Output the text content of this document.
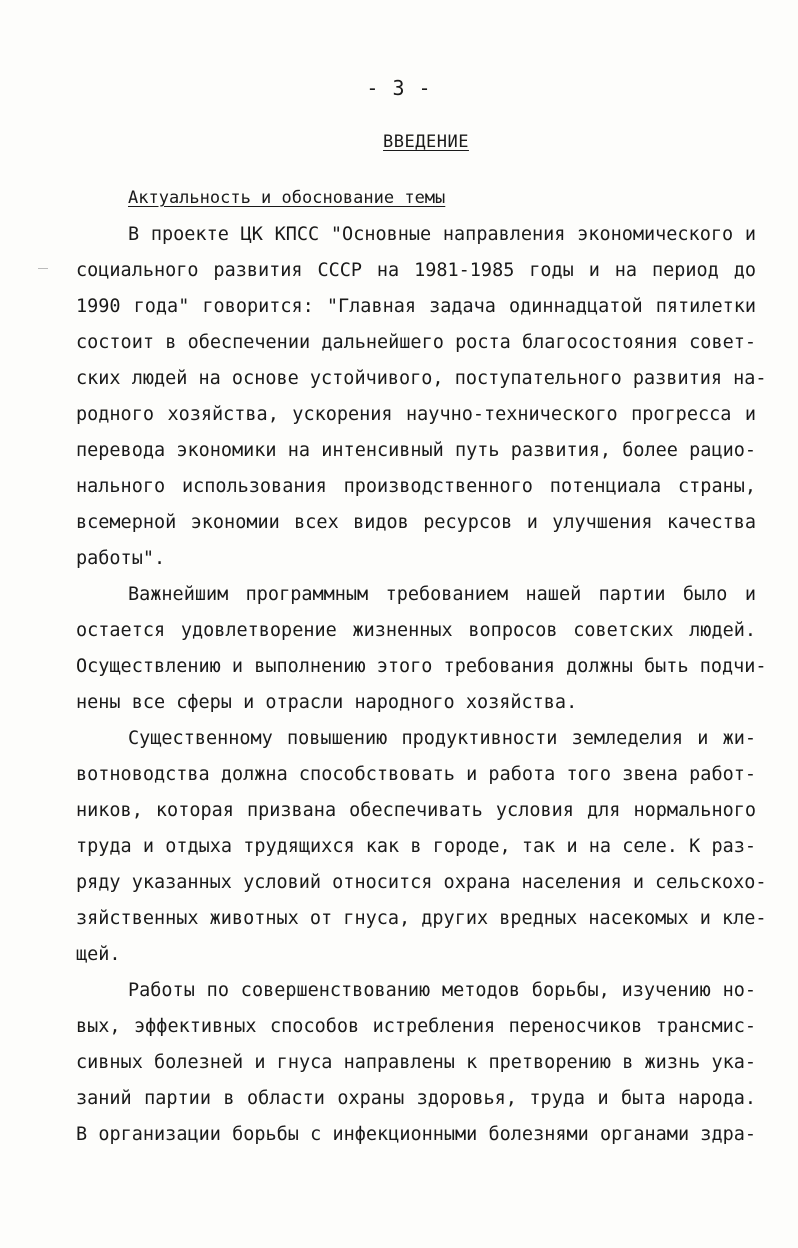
- 3 -
ВВЕДЕНИЕ
Актуальность и обоснование темы
В проекте ЦК КПСС "Основные направления экономического и
социального развития СССР на 1981-1985 годы и на период до
1990 года" говорится: "Главная задача одиннадцатой пятилетки
состоит в обеспечении дальнейшего роста благосостояния совет-
ских людей на основе устойчивого, поступательного развития на-
родного хозяйства, ускорения научно-технического прогресса и
перевода экономики на интенсивный путь развития, более рацио-
нального использования производственного потенциала страны,
всемерной экономии всех видов ресурсов и улучшения качества
работы".
Важнейшим программным требованием нашей партии было и
остается удовлетворение жизненных вопросов советских людей.
Осуществлению и выполнению этого требования должны быть подчи-
нены все сферы и отрасли народного хозяйства.
Существенному повышению продуктивности земледелия и жи-
вотноводства должна способствовать и работа того звена работ-
ников, которая призвана обеспечивать условия для нормального
труда и отдыха трудящихся как в городе, так и на селе. К раз-
ряду указанных условий относится охрана населения и сельскохо-
зяйственных животных от гнуса, других вредных насекомых и кле-
щей.
Работы по совершенствованию методов борьбы, изучению но-
вых, эффективных способов истребления переносчиков трансмис-
сивных болезней и гнуса направлены к претворению в жизнь ука-
заний партии в области охраны здоровья, труда и быта народа.
В организации борьбы с инфекционными болезнями органами здра-
